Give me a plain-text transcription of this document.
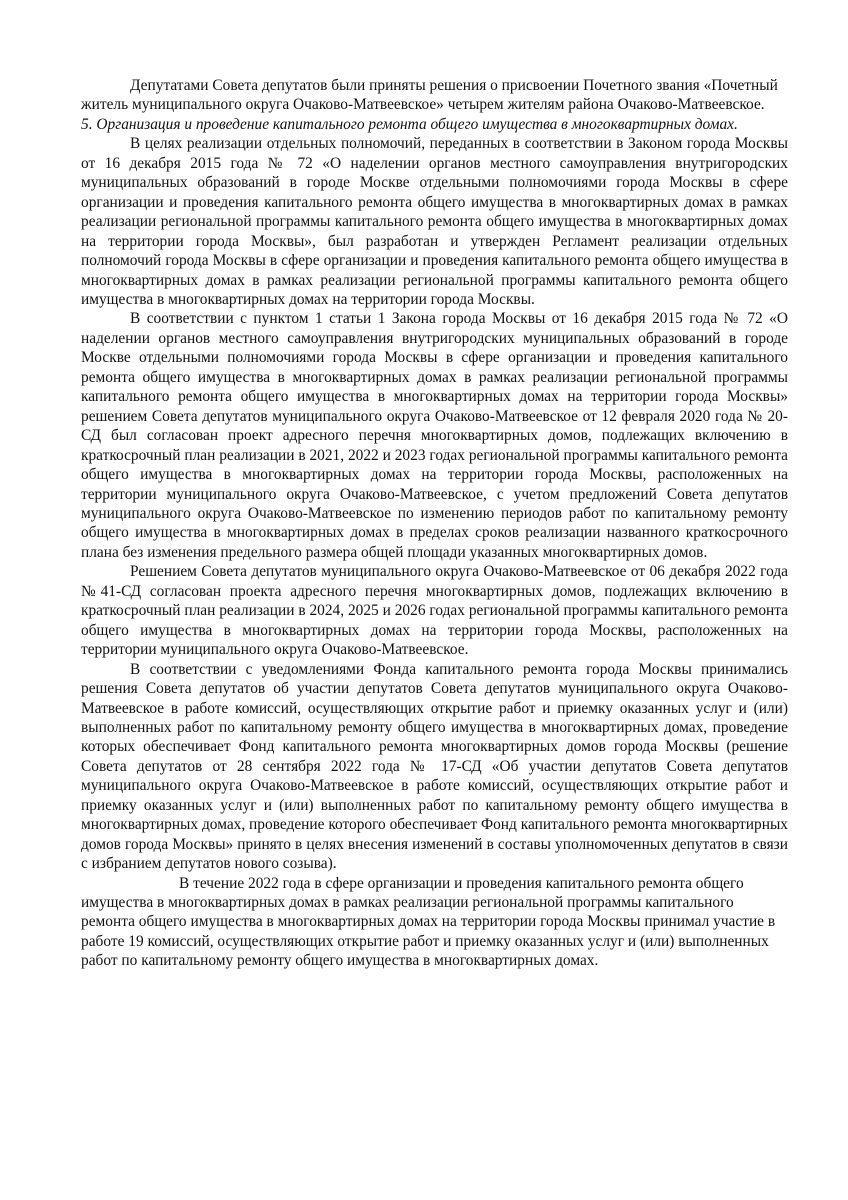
Депутатами Совета депутатов были приняты решения о присвоении Почетного звания «Почетный житель муниципального округа Очаково-Матвеевское» четырем жителям района Очаково-Матвеевское.

5. Организация и проведение капитального ремонта общего имущества в многоквартирных домах.

В целях реализации отдельных полномочий, переданных в соответствии в Законом города Москвы от 16 декабря 2015 года № 72 «О наделении органов местного самоуправления внутригородских муниципальных образований в городе Москве отдельными полномочиями города Москвы в сфере организации и проведения капитального ремонта общего имущества в многоквартирных домах в рамках реализации региональной программы капитального ремонта общего имущества в многоквартирных домах на территории города Москвы», был разработан и утвержден Регламент реализации отдельных полномочий города Москвы в сфере организации и проведения капитального ремонта общего имущества в многоквартирных домах в рамках реализации региональной программы капитального ремонта общего имущества в многоквартирных домах на территории города Москвы.

В соответствии с пунктом 1 статьи 1 Закона города Москвы от 16 декабря 2015 года № 72 «О наделении органов местного самоуправления внутригородских муниципальных образований в городе Москве отдельными полномочиями города Москвы в сфере организации и проведения капитального ремонта общего имущества в многоквартирных домах в рамках реализации региональной программы капитального ремонта общего имущества в многоквартирных домах на территории города Москвы» решением Совета депутатов муниципального округа Очаково-Матвеевское от 12 февраля 2020 года № 20-СД был согласован проект адресного перечня многоквартирных домов, подлежащих включению в краткосрочный план реализации в 2021, 2022 и 2023 годах региональной программы капитального ремонта общего имущества в многоквартирных домах на территории города Москвы, расположенных на территории муниципального округа Очаково-Матвеевское, с учетом предложений Совета депутатов муниципального округа Очаково-Матвеевское по изменению периодов работ по капитальному ремонту общего имущества в многоквартирных домах в пределах сроков реализации названного краткосрочного плана без изменения предельного размера общей площади указанных многоквартирных домов.

Решением Совета депутатов муниципального округа Очаково-Матвеевское от 06 декабря 2022 года №41-СД согласован проекта адресного перечня многоквартирных домов, подлежащих включению в краткосрочный план реализации в 2024, 2025 и 2026 годах региональной программы капитального ремонта общего имущества в многоквартирных домах на территории города Москвы, расположенных на территории муниципального округа Очаково-Матвеевское.

В соответствии с уведомлениями Фонда капитального ремонта города Москвы принимались решения Совета депутатов об участии депутатов Совета депутатов муниципального округа Очаково-Матвеевское в работе комиссий, осуществляющих открытие работ и приемку оказанных услуг и (или) выполненных работ по капитальному ремонту общего имущества в многоквартирных домах, проведение которых обеспечивает Фонд капитального ремонта многоквартирных домов города Москвы (решение Совета депутатов от 28 сентября 2022 года № 17-СД «Об участии депутатов Совета депутатов муниципального округа Очаково-Матвеевское в работе комиссий, осуществляющих открытие работ и приемку оказанных услуг и (или) выполненных работ по капитальному ремонту общего имущества в многоквартирных домах, проведение которого обеспечивает Фонд капитального ремонта многоквартирных домов города Москвы» принято в целях внесения изменений в составы уполномоченных депутатов в связи с избранием депутатов нового созыва).

В течение 2022 года в сфере организации и проведения капитального ремонта общего имущества в многоквартирных домах в рамках реализации региональной программы капитального ремонта общего имущества в многоквартирных домах на территории города Москвы принимал участие в работе 19 комиссий, осуществляющих открытие работ и приемку оказанных услуг и (или) выполненных работ по капитальному ремонту общего имущества в многоквартирных домах.
